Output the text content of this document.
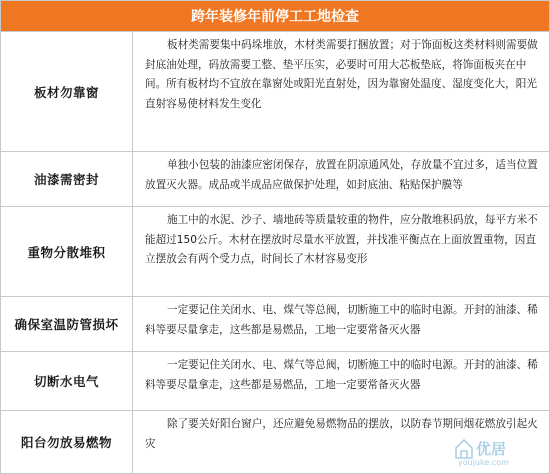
跨年装修年前停工工地检查
板材勿靠窗
板材类需要集中码垛堆放，木材类需要打捆放置；对于饰面板这类材料则需要做封底油处理，码放需要工整、垫平压实，必要时可用大芯板垫底，将饰面板夹在中间。所有板材均不宜放在靠窗处或阳光直射处，因为靠窗处温度、湿度变化大，阳光直射容易使材料发生变化
油漆需密封
单独小包装的油漆应密闭保存，放置在阴凉通风处，存放量不宜过多，适当位置放置灭火器。成品或半成品应做保护处理，如封底油、粘贴保护膜等
重物分散堆积
施工中的水泥、沙子、墙地砖等质量较重的物件，应分散堆积码放，每平方米不能超过150公斤。木材在摆放时尽量水平放置，并找准平衡点在上面放置重物，因直立摆放会有两个受力点，时间长了木材容易变形
确保室温防管损坏
一定要记住关闭水、电、煤气等总阀，切断施工中的临时电源。开封的油漆、稀料等要尽量拿走，这些都是易燃品，工地一定要常备灭火器
切断水电气
一定要记住关闭水、电、煤气等总阀，切断施工中的临时电源。开封的油漆、稀料等要尽量拿走，这些都是易燃品，工地一定要常备灭火器
阳台勿放易燃物
除了要关好阳台窗户，还应避免易燃物品的摆放，以防春节期间烟花燃放引起火灾	优居
youjuke.com
